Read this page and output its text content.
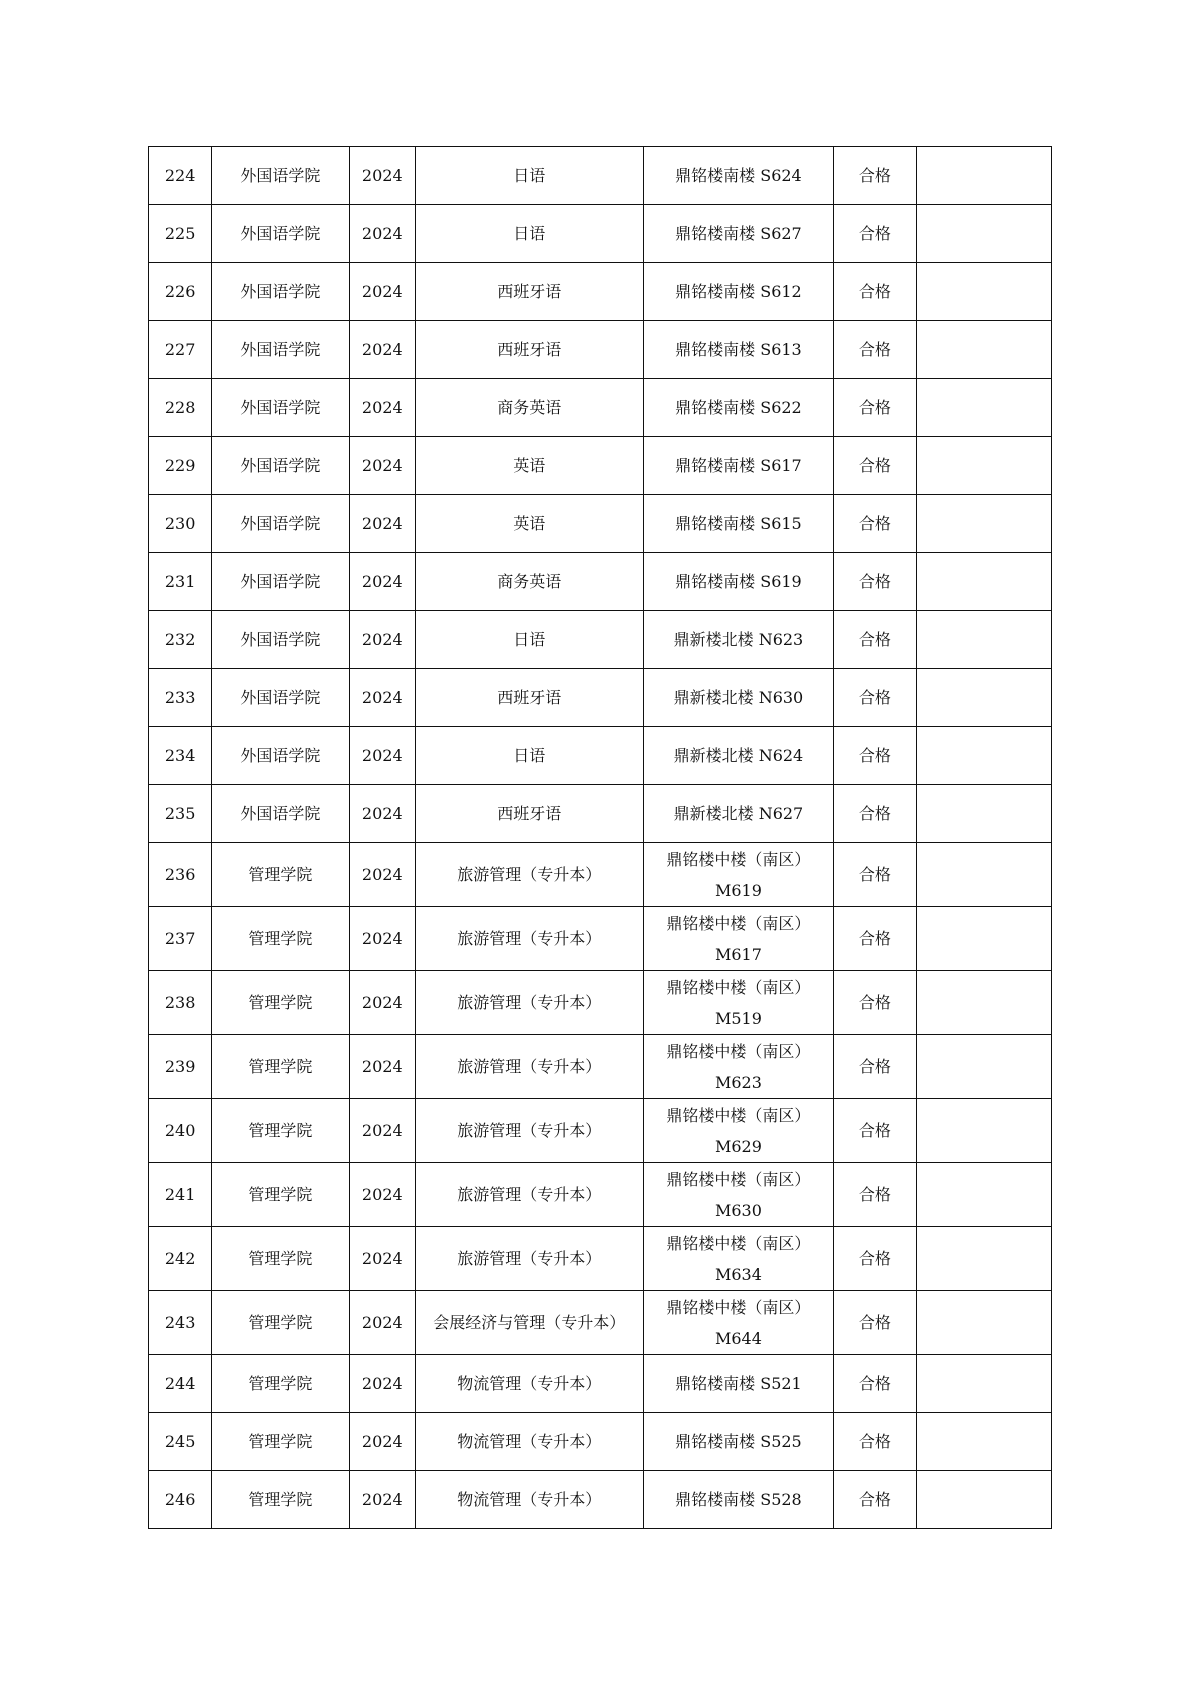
224	外国语学院	2024	日语	鼎铭楼南楼 S624	合格	
225	外国语学院	2024	日语	鼎铭楼南楼 S627	合格	
226	外国语学院	2024	西班牙语	鼎铭楼南楼 S612	合格	
227	外国语学院	2024	西班牙语	鼎铭楼南楼 S613	合格	
228	外国语学院	2024	商务英语	鼎铭楼南楼 S622	合格	
229	外国语学院	2024	英语	鼎铭楼南楼 S617	合格	
230	外国语学院	2024	英语	鼎铭楼南楼 S615	合格	
231	外国语学院	2024	商务英语	鼎铭楼南楼 S619	合格	
232	外国语学院	2024	日语	鼎新楼北楼 N623	合格	
233	外国语学院	2024	西班牙语	鼎新楼北楼 N630	合格	
234	外国语学院	2024	日语	鼎新楼北楼 N624	合格	
235	外国语学院	2024	西班牙语	鼎新楼北楼 N627	合格	
236	管理学院	2024	旅游管理（专升本）	鼎铭楼中楼（南区） M619	合格	
237	管理学院	2024	旅游管理（专升本）	鼎铭楼中楼（南区） M617	合格	
238	管理学院	2024	旅游管理（专升本）	鼎铭楼中楼（南区） M519	合格	
239	管理学院	2024	旅游管理（专升本）	鼎铭楼中楼（南区） M623	合格	
240	管理学院	2024	旅游管理（专升本）	鼎铭楼中楼（南区） M629	合格	
241	管理学院	2024	旅游管理（专升本）	鼎铭楼中楼（南区） M630	合格	
242	管理学院	2024	旅游管理（专升本）	鼎铭楼中楼（南区） M634	合格	
243	管理学院	2024	会展经济与管理（专升本）	鼎铭楼中楼（南区） M644	合格	
244	管理学院	2024	物流管理（专升本）	鼎铭楼南楼 S521	合格	
245	管理学院	2024	物流管理（专升本）	鼎铭楼南楼 S525	合格	
246	管理学院	2024	物流管理（专升本）	鼎铭楼南楼 S528	合格	
